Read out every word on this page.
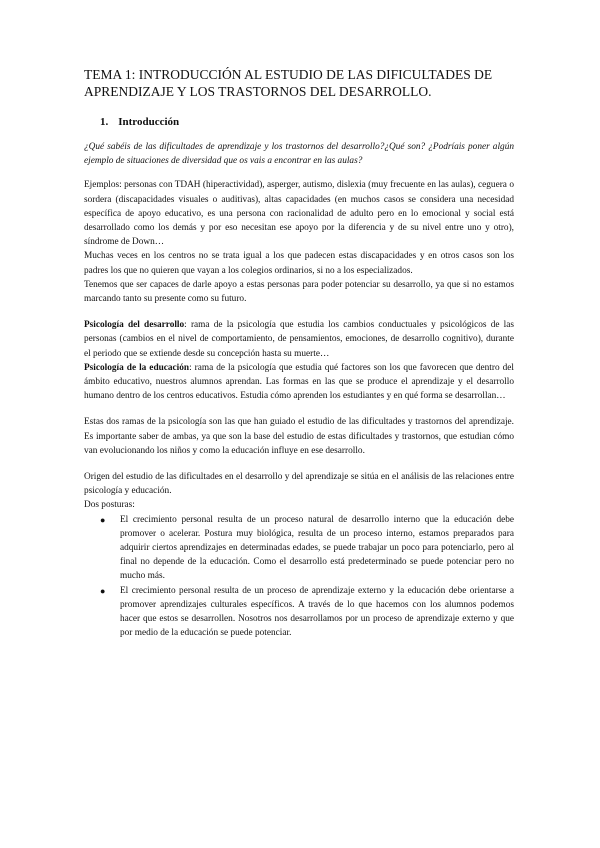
TEMA 1: INTRODUCCIÓN AL ESTUDIO DE LAS DIFICULTADES DE APRENDIZAJE Y LOS TRASTORNOS DEL DESARROLLO.
1. Introducción

¿Qué sabéis de las dificultades de aprendizaje y los trastornos del desarrollo?¿Qué son? ¿Podríais poner algún ejemplo de situaciones de diversidad que os vais a encontrar en las aulas?

Ejemplos: personas con TDAH (hiperactividad), asperger, autismo, dislexia (muy frecuente en las aulas), ceguera o sordera (discapacidades visuales o auditivas), altas capacidades (en muchos casos se considera una necesidad específica de apoyo educativo, es una persona con racionalidad de adulto pero en lo emocional y social está desarrollado como los demás y por eso necesitan ese apoyo por la diferencia y de su nivel entre uno y otro), síndrome de Down…

Muchas veces en los centros no se trata igual a los que padecen estas discapacidades y en otros casos son los padres los que no quieren que vayan a los colegios ordinarios, si no a los especializados.

Tenemos que ser capaces de darle apoyo a estas personas para poder potenciar su desarrollo, ya que si no estamos marcando tanto su presente como su futuro.

Psicología del desarrollo: rama de la psicología que estudia los cambios conductuales y psicológicos de las personas (cambios en el nivel de comportamiento, de pensamientos, emociones, de desarrollo cognitivo), durante el periodo que se extiende desde su concepción hasta su muerte…

Psicología de la educación: rama de la psicología que estudia qué factores son los que favorecen que dentro del ámbito educativo, nuestros alumnos aprendan. Las formas en las que se produce el aprendizaje y el desarrollo humano dentro de los centros educativos. Estudia cómo aprenden los estudiantes y en qué forma se desarrollan…

Estas dos ramas de la psicología son las que han guiado el estudio de las dificultades y trastornos del aprendizaje. Es importante saber de ambas, ya que son la base del estudio de estas dificultades y trastornos, que estudian cómo van evolucionando los niños y como la educación influye en ese desarrollo.

Origen del estudio de las dificultades en el desarrollo y del aprendizaje se sitúa en el análisis de las relaciones entre psicología y educación.

Dos posturas:

● El crecimiento personal resulta de un proceso natural de desarrollo interno que la educación debe promover o acelerar. Postura muy biológica, resulta de un proceso interno, estamos preparados para adquirir ciertos aprendizajes en determinadas edades, se puede trabajar un poco para potenciarlo, pero al final no depende de la educación. Como el desarrollo está predeterminado se puede potenciar pero no mucho más.

● El crecimiento personal resulta de un proceso de aprendizaje externo y la educación debe orientarse a promover aprendizajes culturales específicos. A través de lo que hacemos con los alumnos podemos hacer que estos se desarrollen. Nosotros nos desarrollamos por un proceso de aprendizaje externo y que por medio de la educación se puede potenciar.
